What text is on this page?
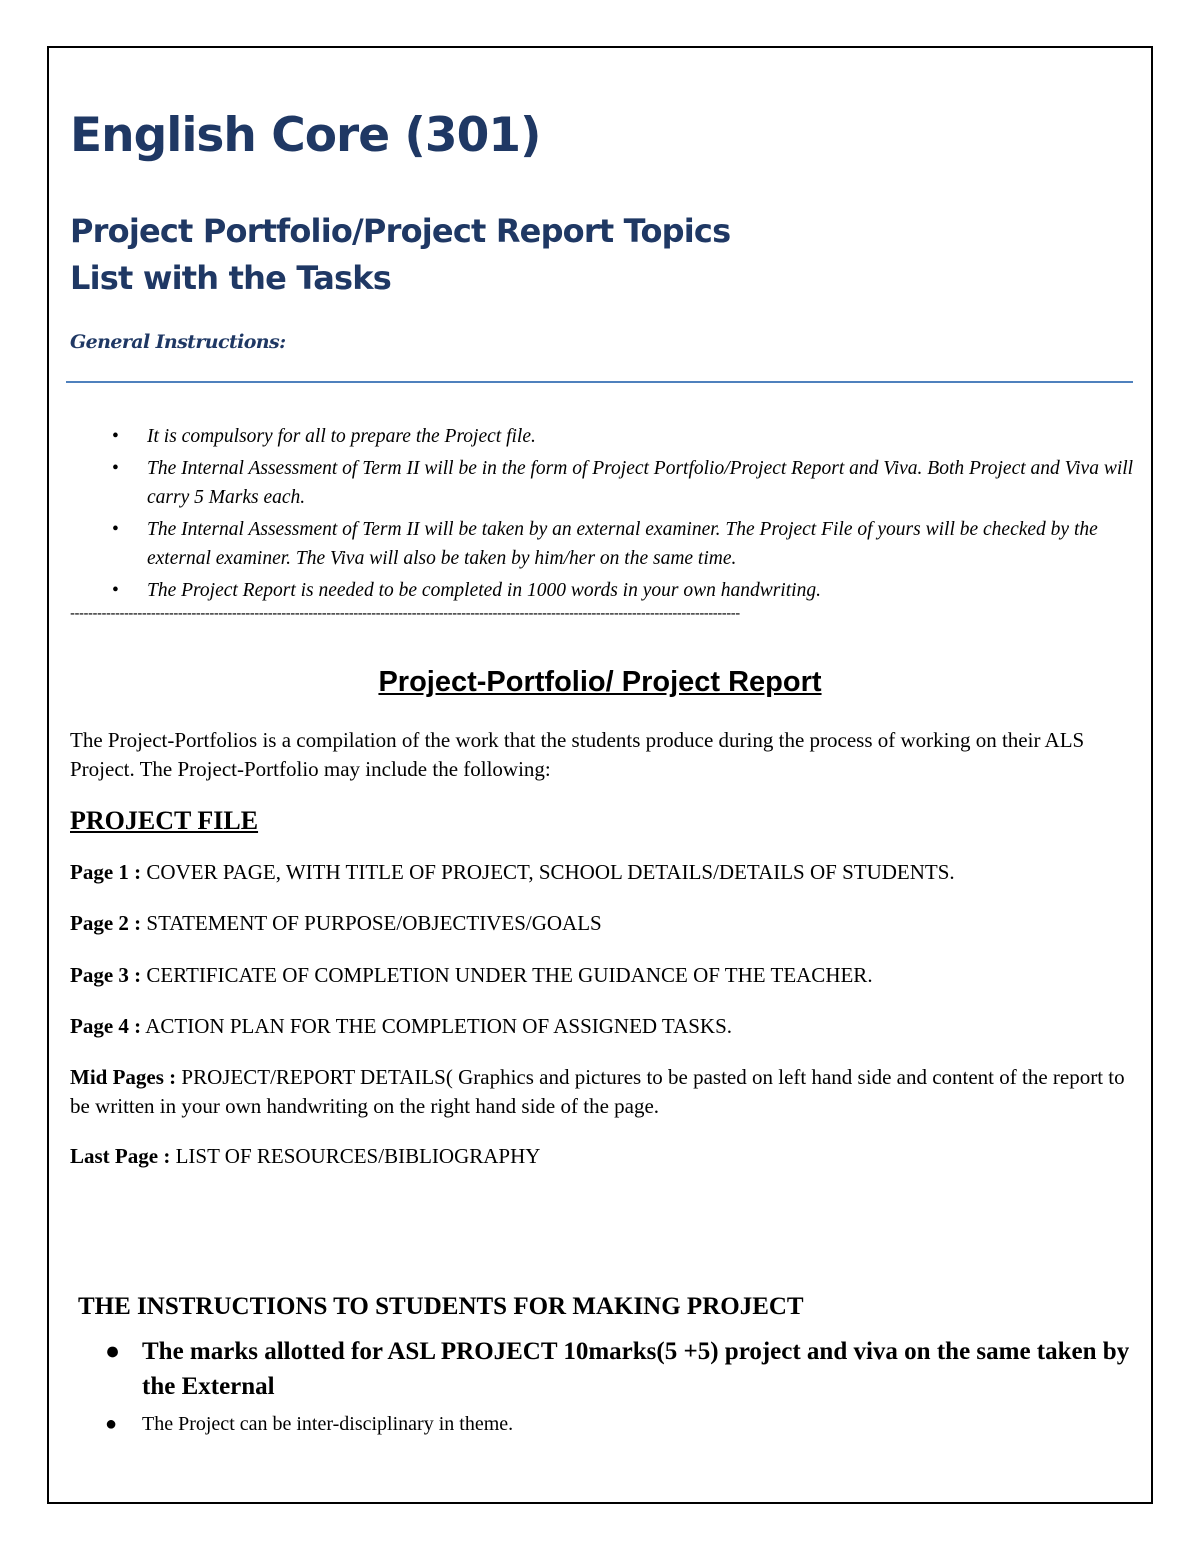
English Core (301)
Project Portfolio/Project Report Topics
List with the Tasks
General Instructions:
• It is compulsory for all to prepare the Project file.
• The Internal Assessment of Term II will be in the form of Project Portfolio/Project Report and Viva. Both Project and Viva will carry 5 Marks each.
• The Internal Assessment of Term II will be taken by an external examiner. The Project File of yours will be checked by the external examiner. The Viva will also be taken by him/her on the same time.
• The Project Report is needed to be completed in 1000 words in your own handwriting.
-----------------------------------------------------------------------------------------------------------------------------------------------------
Project-Portfolio/ Project Report

The Project-Portfolios is a compilation of the work that the students produce during the process of working on their ALS Project. The Project-Portfolio may include the following:

PROJECT FILE

Page 1 : COVER PAGE, WITH TITLE OF PROJECT, SCHOOL DETAILS/DETAILS OF STUDENTS.

Page 2 : STATEMENT OF PURPOSE/OBJECTIVES/GOALS

Page 3 : CERTIFICATE OF COMPLETION UNDER THE GUIDANCE OF THE TEACHER.

Page 4 : ACTION PLAN FOR THE COMPLETION OF ASSIGNED TASKS.

Mid Pages : PROJECT/REPORT DETAILS( Graphics and pictures to be pasted on left hand side and content of the report to be written in your own handwriting on the right hand side of the page.

Last Page : LIST OF RESOURCES/BIBLIOGRAPHY

THE INSTRUCTIONS TO STUDENTS FOR MAKING PROJECT
● The marks allotted for ASL PROJECT 10marks(5 +5) project and viva on the same taken by the External
● The Project can be inter-disciplinary in theme.
